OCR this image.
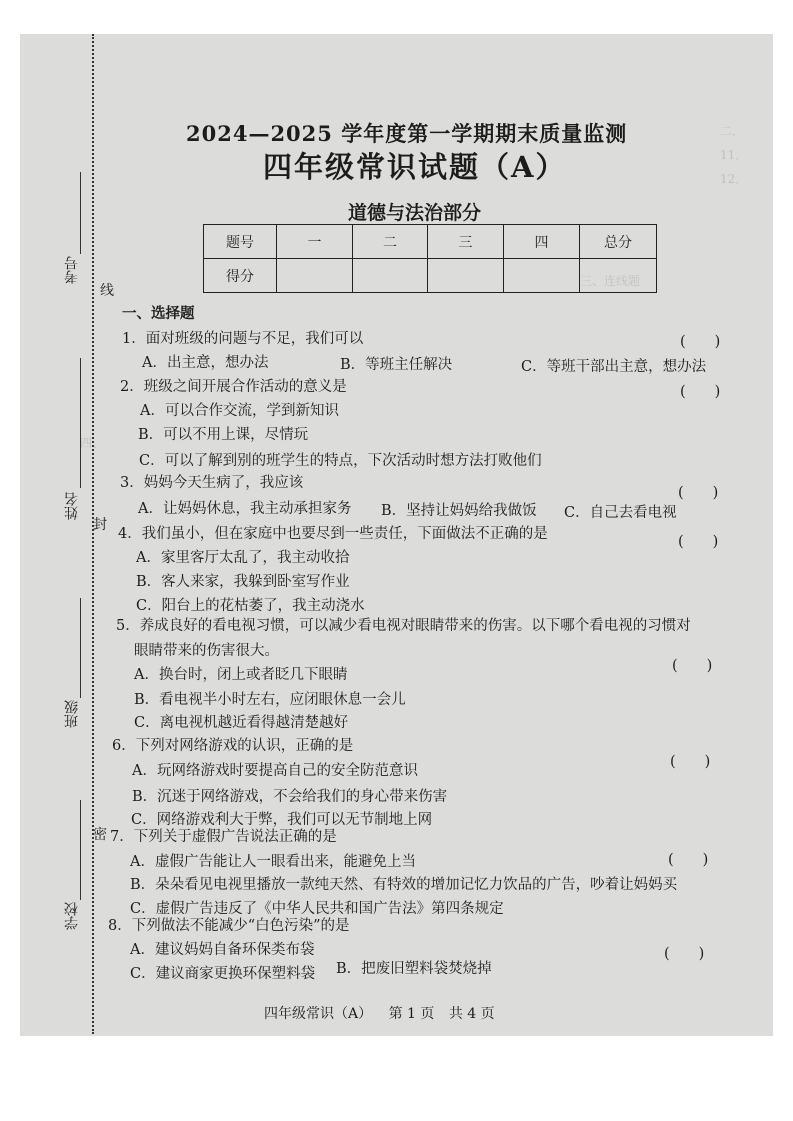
二．
11．
12．
三、连线题
四、
考号
姓名
班级
学校
线
封
密
2024—2025 学年度第一学期期末质量监测
四年级常识试题（A）
道德与法治部分
题号	一	二	三	四	总分
得分					
一、选择题
1．面对班级的问题与不足，我们可以	(　　)
A．出主意，想办法	B．等班主任解决	C．等班干部出主意，想办法
2．班级之间开展合作活动的意义是	(　　)
A．可以合作交流，学到新知识
B．可以不用上课，尽情玩
C．可以了解到别的班学生的特点，下次活动时想方法打败他们
3．妈妈今天生病了，我应该
(　　)
A．让妈妈休息，我主动承担家务 B．坚持让妈妈给我做饭 C．自己去看电视
4．我们虽小，但在家庭中也要尽到一些责任，下面做法不正确的是	(　　)
A．家里客厅太乱了，我主动收拾
B．客人来家，我躲到卧室写作业
C．阳台上的花枯萎了，我主动浇水
5．养成良好的看电视习惯，可以减少看电视对眼睛带来的伤害。以下哪个看电视的习惯对
眼睛带来的伤害很大。
(　　)
A．换台时，闭上或者眨几下眼睛
B．看电视半小时左右，应闭眼休息一会儿
C．离电视机越近看得越清楚越好
6．下列对网络游戏的认识，正确的是
(　　)
A．玩网络游戏时要提高自己的安全防范意识
B．沉迷于网络游戏，不会给我们的身心带来伤害
C．网络游戏利大于弊，我们可以无节制地上网
7．下列关于虚假广告说法正确的是
(　　)
A．虚假广告能让人一眼看出来，能避免上当
B．朵朵看见电视里播放一款纯天然、有特效的增加记忆力饮品的广告，吵着让妈妈买
C．虚假广告违反了《中华人民共和国广告法》第四条规定
8．下列做法不能减少“白色污染”的是
(　　)
A．建议妈妈自备环保类布袋
B．把废旧塑料袋焚烧掉
C．建议商家更换环保塑料袋
四年级常识（A） 第 1 页 共 4 页
